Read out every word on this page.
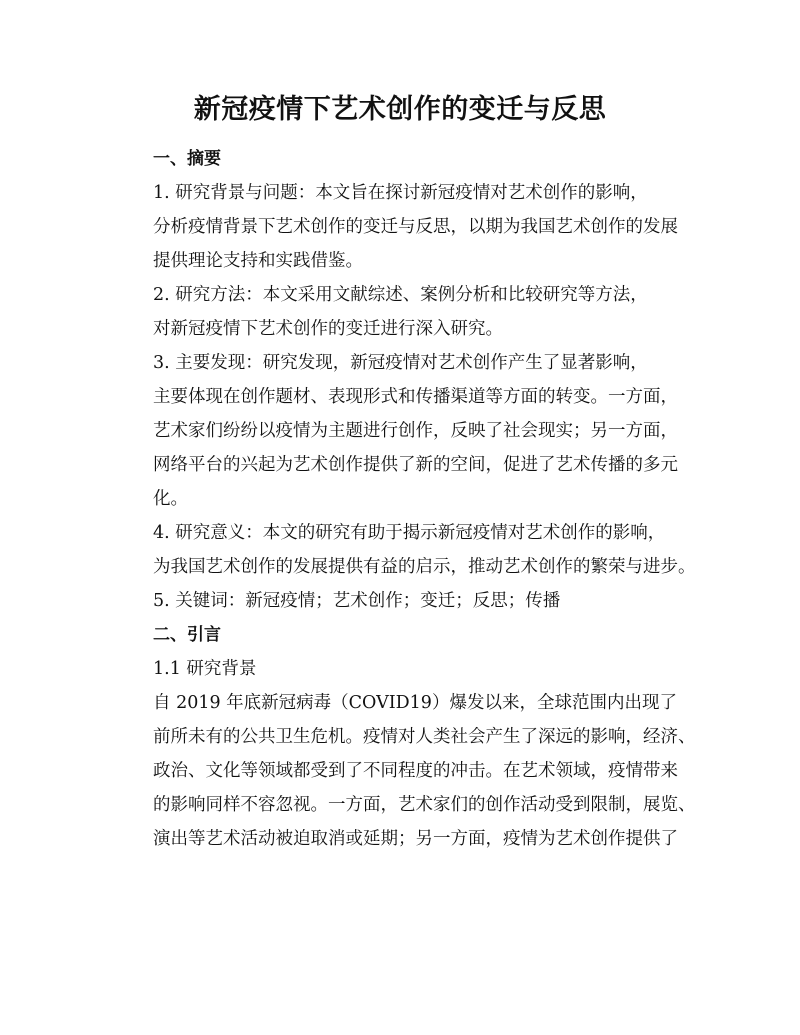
新冠疫情下艺术创作的变迁与反思
一、摘要
1. 研究背景与问题：本文旨在探讨新冠疫情对艺术创作的影响，
分析疫情背景下艺术创作的变迁与反思，以期为我国艺术创作的发展
提供理论支持和实践借鉴。
2. 研究方法：本文采用文献综述、案例分析和比较研究等方法，
对新冠疫情下艺术创作的变迁进行深入研究。
3. 主要发现：研究发现，新冠疫情对艺术创作产生了显著影响，
主要体现在创作题材、表现形式和传播渠道等方面的转变。一方面，
艺术家们纷纷以疫情为主题进行创作，反映了社会现实；另一方面，
网络平台的兴起为艺术创作提供了新的空间，促进了艺术传播的多元
化。
4. 研究意义：本文的研究有助于揭示新冠疫情对艺术创作的影响，
为我国艺术创作的发展提供有益的启示，推动艺术创作的繁荣与进步。
5. 关键词：新冠疫情；艺术创作；变迁；反思；传播
二、引言
1.1 研究背景
自 2019 年底新冠病毒（COVID19）爆发以来，全球范围内出现了
前所未有的公共卫生危机。疫情对人类社会产生了深远的影响，经济、
政治、文化等领域都受到了不同程度的冲击。在艺术领域，疫情带来
的影响同样不容忽视。一方面，艺术家们的创作活动受到限制，展览、
演出等艺术活动被迫取消或延期；另一方面，疫情为艺术创作提供了
